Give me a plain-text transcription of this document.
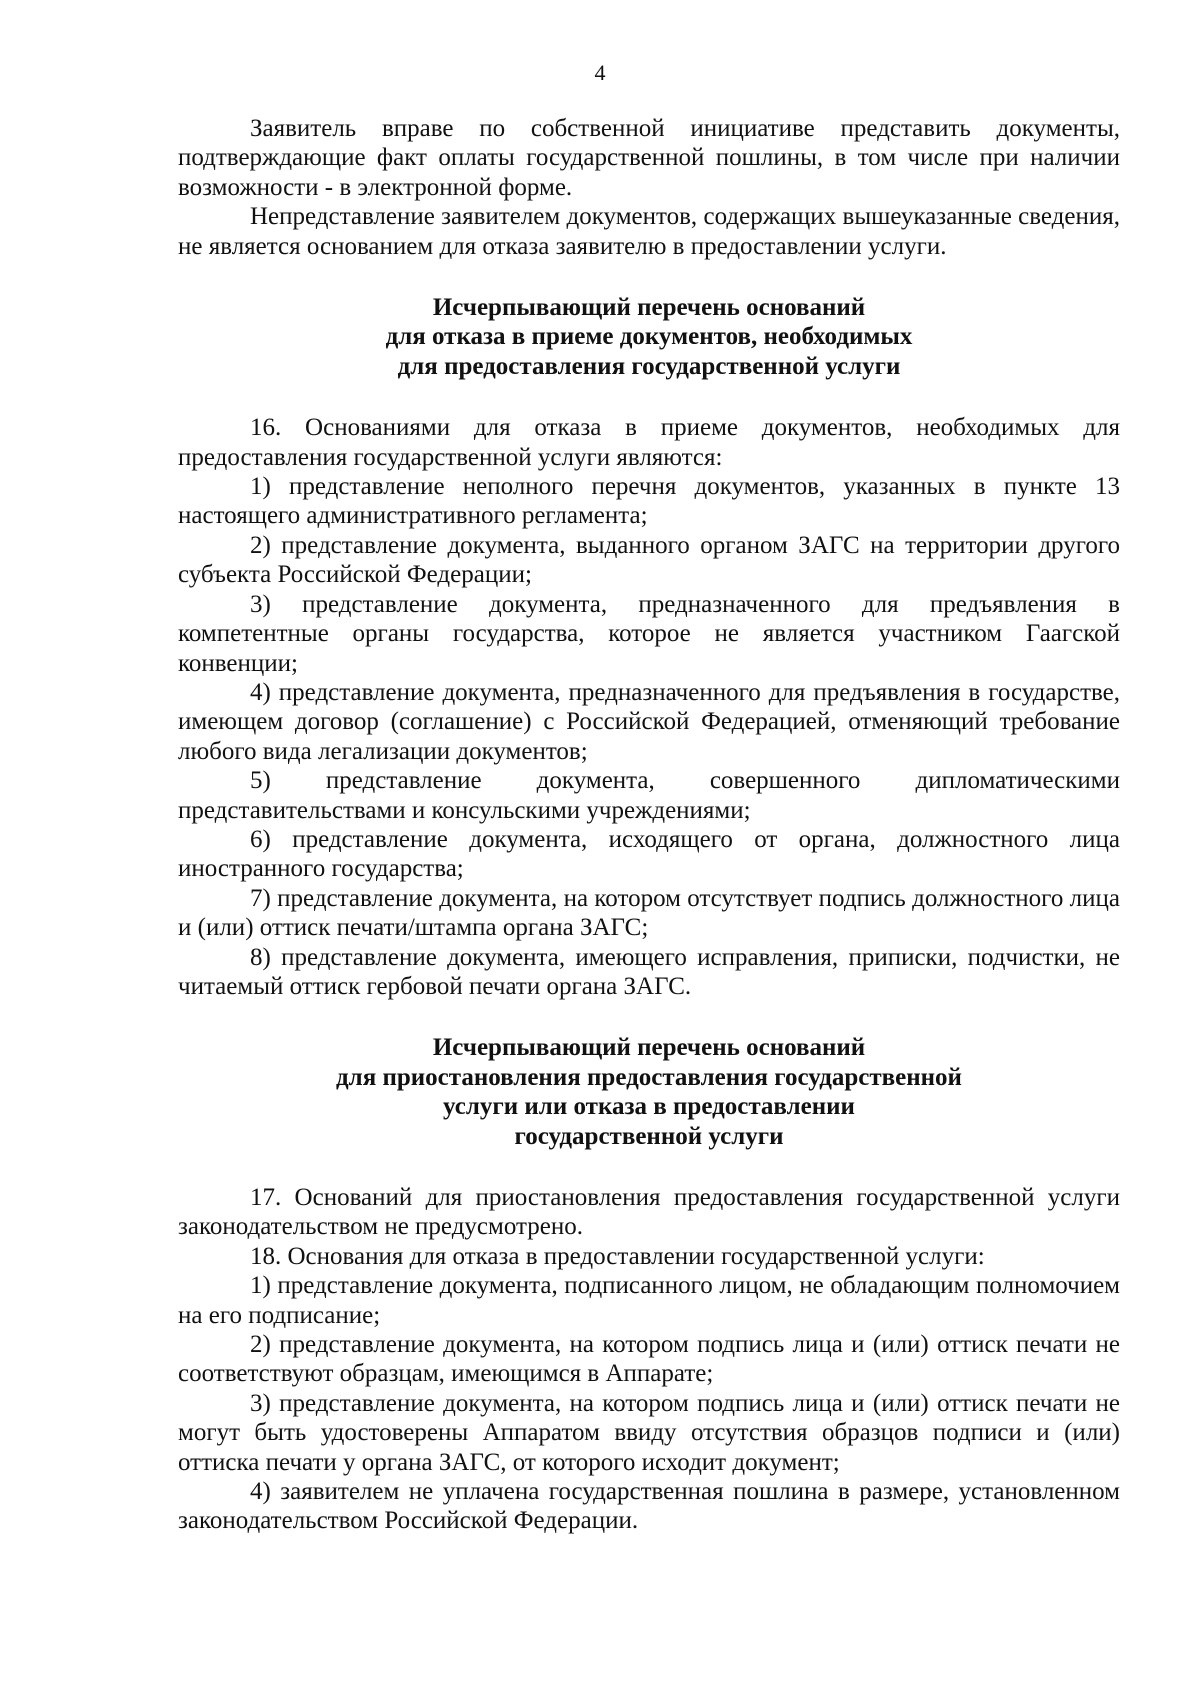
4

Заявитель вправе по собственной инициативе представить документы, подтверждающие факт оплаты государственной пошлины, в том числе при наличии возможности - в электронной форме.

Непредставление заявителем документов, содержащих вышеуказанные сведения, не является основанием для отказа заявителю в предоставлении услуги.

Исчерпывающий перечень оснований

для отказа в приеме документов, необходимых

для предоставления государственной услуги

16. Основаниями для отказа в приеме документов, необходимых для предоставления государственной услуги являются:

1) представление неполного перечня документов, указанных в пункте 13 настоящего административного регламента;

2) представление документа, выданного органом ЗАГС на территории другого субъекта Российской Федерации;

3) представление документа, предназначенного для предъявления в компетентные органы государства, которое не является участником Гаагской конвенции;

4) представление документа, предназначенного для предъявления в государстве, имеющем договор (соглашение) с Российской Федерацией, отменяющий требование любого вида легализации документов;

5) представление документа, совершенного дипломатическими представительствами и консульскими учреждениями;

6) представление документа, исходящего от органа, должностного лица иностранного государства;

7) представление документа, на котором отсутствует подпись должностного лица и (или) оттиск печати/штампа органа ЗАГС;

8) представление документа, имеющего исправления, приписки, подчистки, не читаемый оттиск гербовой печати органа ЗАГС.

Исчерпывающий перечень оснований

для приостановления предоставления государственной

услуги или отказа в предоставлении

государственной услуги

17. Оснований для приостановления предоставления государственной услуги законодательством не предусмотрено.

18. Основания для отказа в предоставлении государственной услуги:

1) представление документа, подписанного лицом, не обладающим полномочием на его подписание;

2) представление документа, на котором подпись лица и (или) оттиск печати не соответствуют образцам, имеющимся в Аппарате;

3) представление документа, на котором подпись лица и (или) оттиск печати не могут быть удостоверены Аппаратом ввиду отсутствия образцов подписи и (или) оттиска печати у органа ЗАГС, от которого исходит документ;

4) заявителем не уплачена государственная пошлина в размере, установленном законодательством Российской Федерации.
